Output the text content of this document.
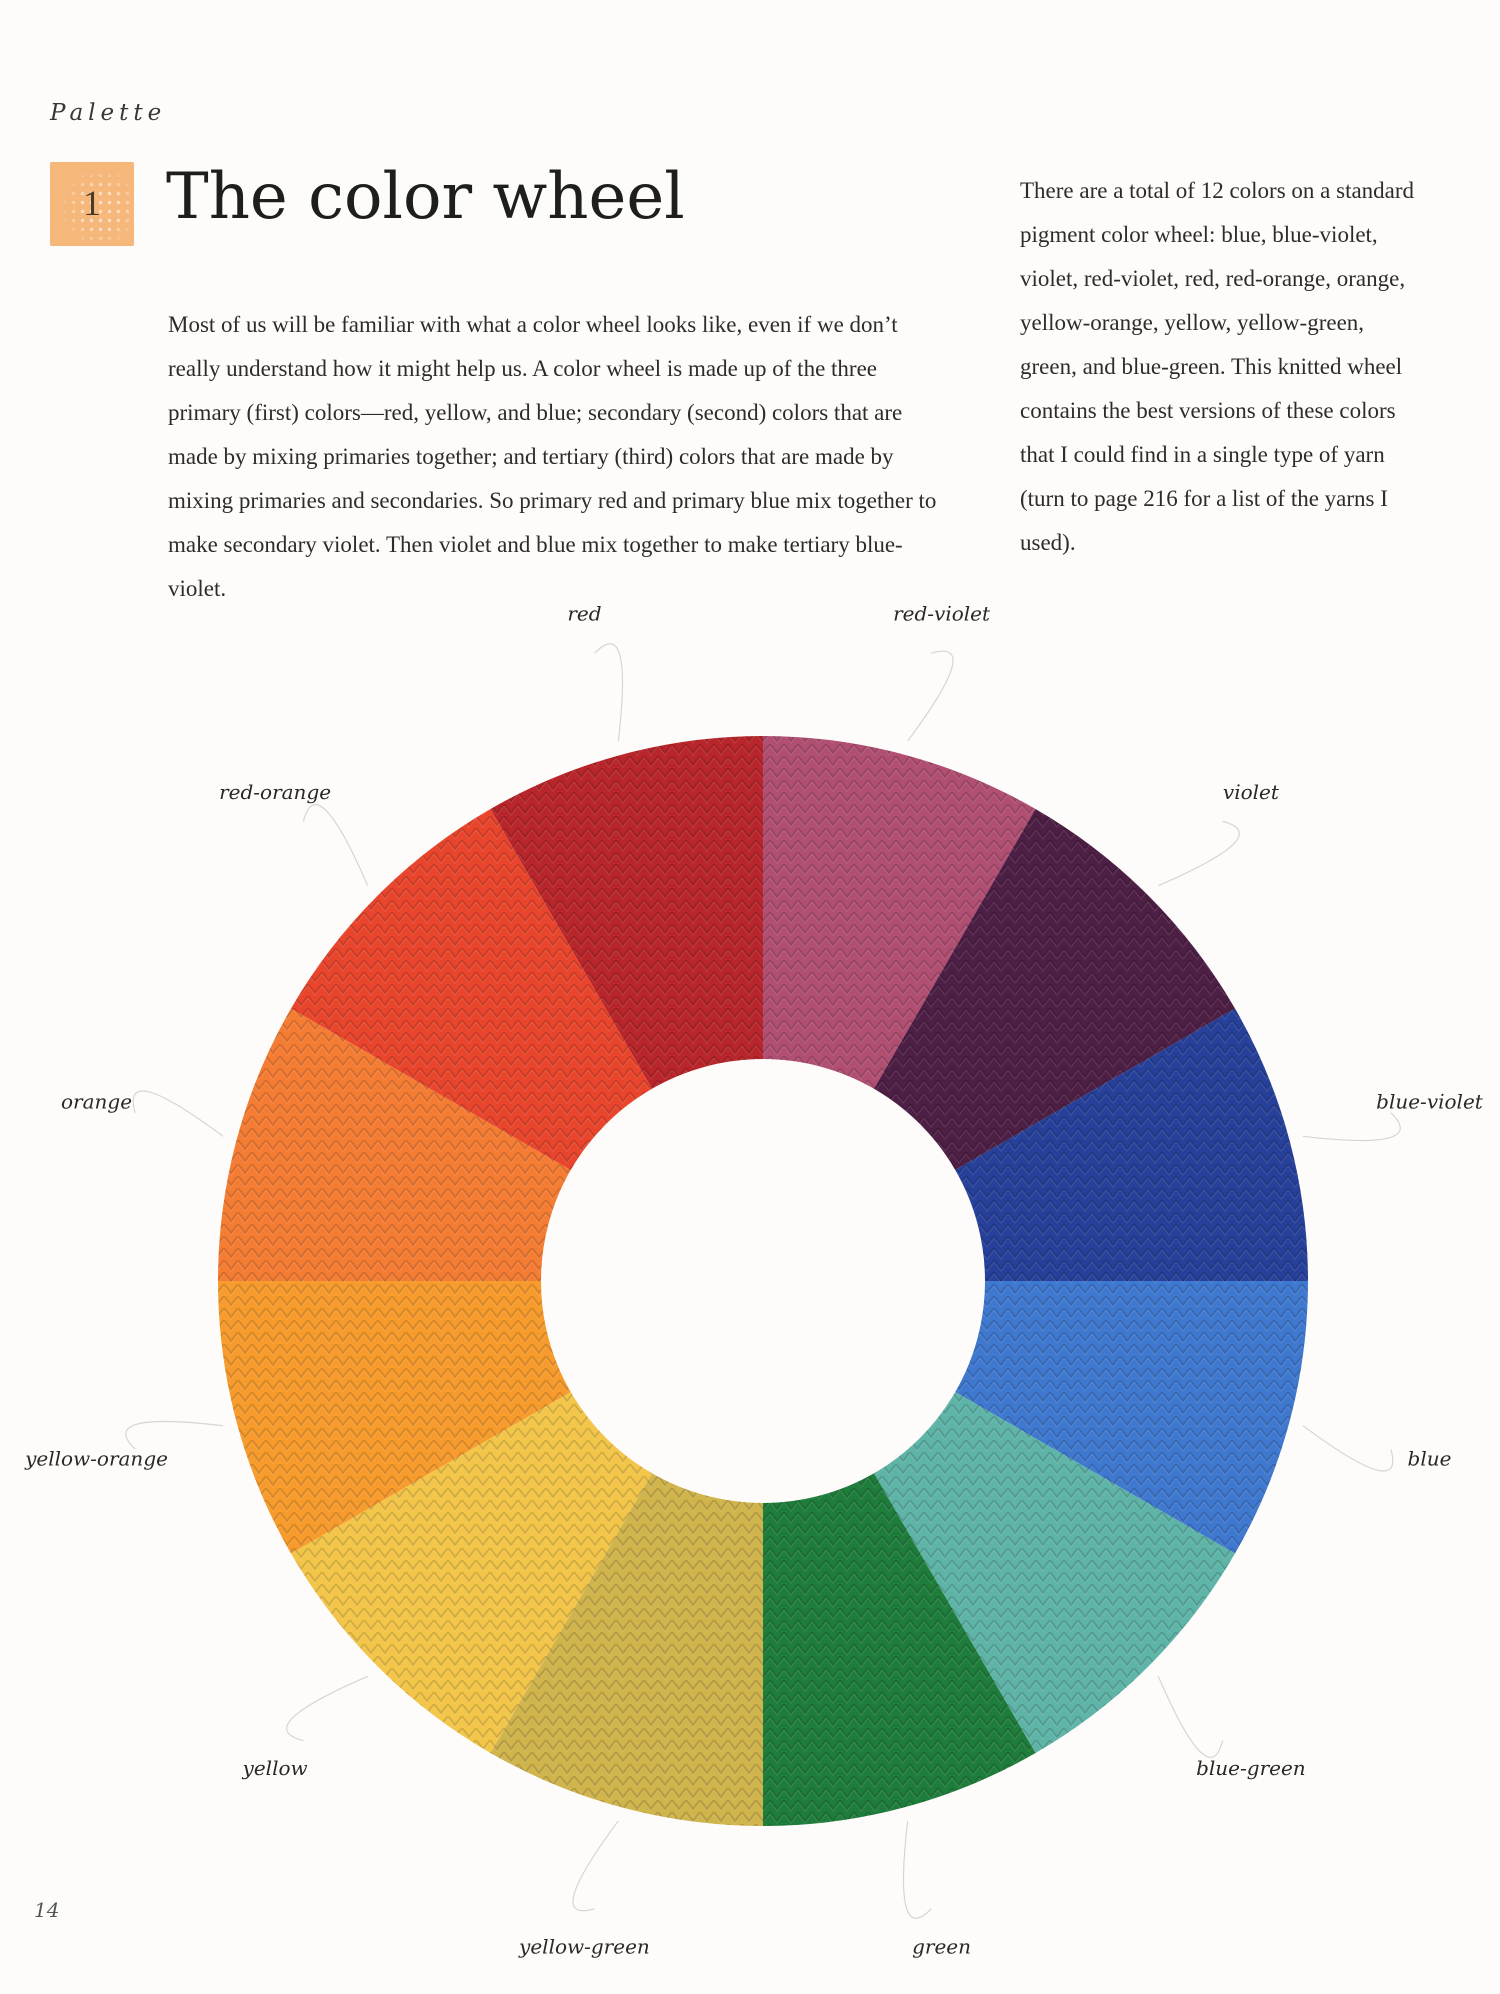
red	red-violet
violet
blue-violet
blue
blue-green
green
yellow-green
yellow
yellow-orange
orange
red-orange
14
